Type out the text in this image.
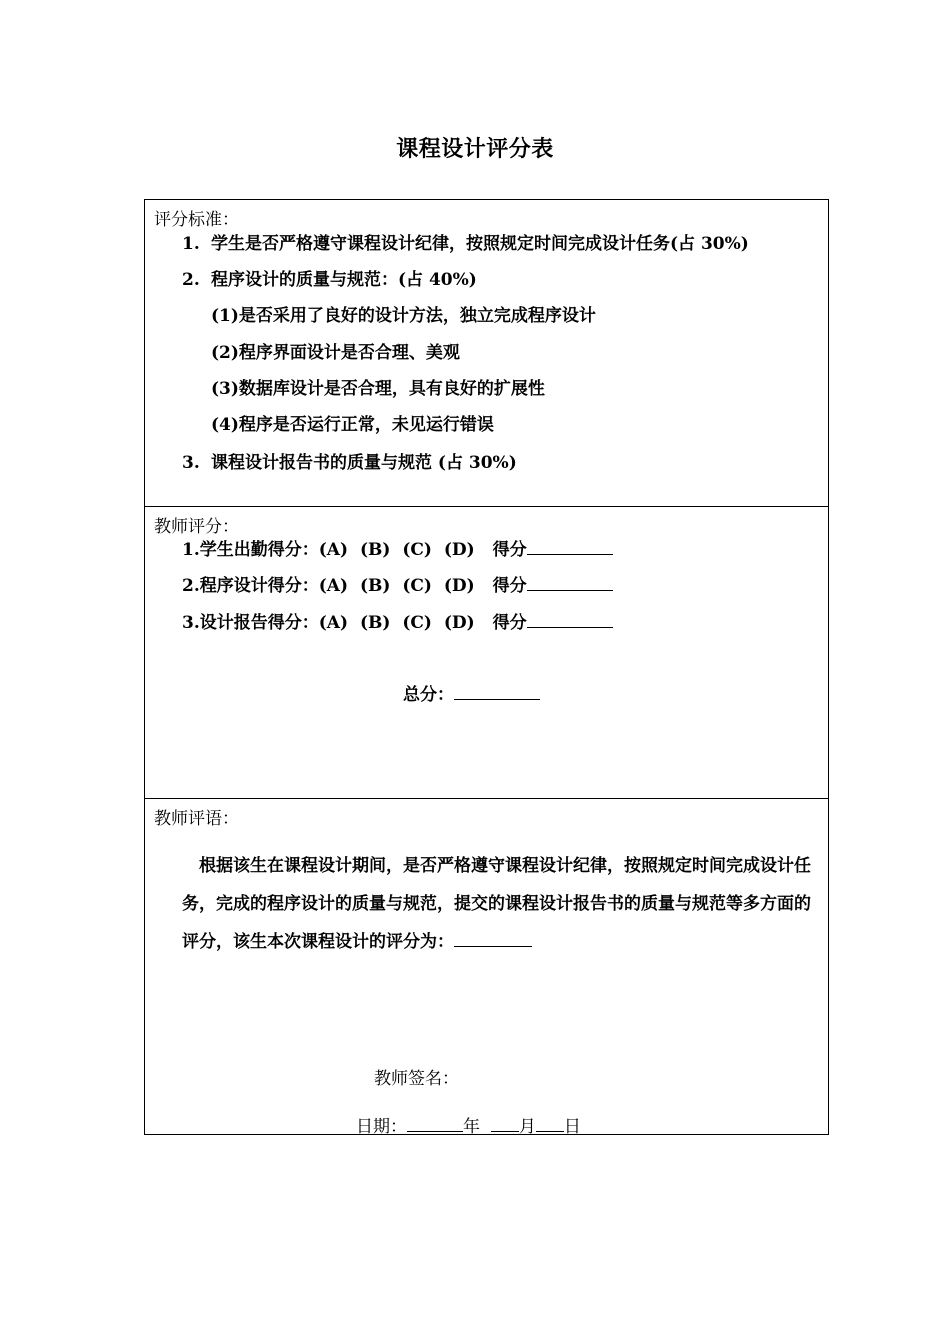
课程设计评分表
评分标准：
1. 学生是否严格遵守课程设计纪律，按照规定时间完成设计任务(占 30%)
2. 程序设计的质量与规范：(占 40%)
(1)是否采用了良好的设计方法，独立完成程序设计
(2)程序界面设计是否合理、美观
(3)数据库设计是否合理，具有良好的扩展性
(4)程序是否运行正常，未见运行错误
3. 课程设计报告书的质量与规范 (占 30%)
教师评分：
1.学生出勤得分：(A) (B) (C) (D) 得分
2.程序设计得分：(A) (B) (C) (D) 得分
3.设计报告得分：(A) (B) (C) (D) 得分
总分：
教师评语：
根据该生在课程设计期间，是否严格遵守课程设计纪律，按照规定时间完成设计任务，完成的程序设计的质量与规范，提交的课程设计报告书的质量与规范等多方面的评分，该生本次课程设计的评分为：
教师签名：
日期：	年 月 日
